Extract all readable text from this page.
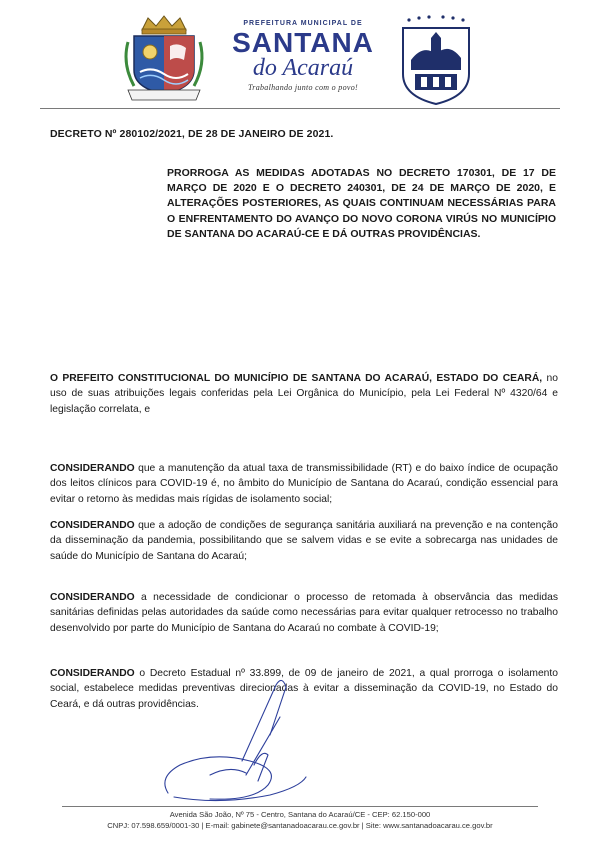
PREFEITURA MUNICIPAL DE
SANTANA
do Acaraú
Trabalhando junto com o povo!
DECRETO Nº 280102/2021, DE 28 DE JANEIRO DE 2021.
PRORROGA AS MEDIDAS ADOTADAS NO DECRETO 170301, DE 17 DE MARÇO DE 2020 E O DECRETO 240301, DE 24 DE MARÇO DE 2020, E ALTERAÇÕES POSTERIORES, AS QUAIS CONTINUAM NECESSÁRIAS PARA O ENFRENTAMENTO DO AVANÇO DO NOVO CORONA VIRÚS NO MUNICÍPIO DE SANTANA DO ACARAÚ-CE E DÁ OUTRAS PROVIDÊNCIAS.
O PREFEITO CONSTITUCIONAL DO MUNICÍPIO DE SANTANA DO ACARAÚ, ESTADO DO CEARÁ, no uso de suas atribuições legais conferidas pela Lei Orgânica do Município, pela Lei Federal Nº 4320/64 e legislação correlata, e
CONSIDERANDO que a manutenção da atual taxa de transmissibilidade (RT) e do baixo índice de ocupação dos leitos clínicos para COVID-19 é, no âmbito do Município de Santana do Acaraú, condição essencial para evitar o retorno às medidas mais rígidas de isolamento social;
CONSIDERANDO que a adoção de condições de segurança sanitária auxiliará na prevenção e na contenção da disseminação da pandemia, possibilitando que se salvem vidas e se evite a sobrecarga nas unidades de saúde do Município de Santana do Acaraú;
CONSIDERANDO a necessidade de condicionar o processo de retomada à observância das medidas sanitárias definidas pelas autoridades da saúde como necessárias para evitar qualquer retrocesso no trabalho desenvolvido por parte do Município de Santana do Acaraú no combate à COVID-19;
CONSIDERANDO o Decreto Estadual nº 33.899, de 09 de janeiro de 2021, a qual prorroga o isolamento social, estabelece medidas preventivas direcionadas à evitar a disseminação da COVID-19, no Estado do Ceará, e dá outras providências.
Avenida São João, Nº 75 - Centro, Santana do Acaraú/CE - CEP: 62.150-000
CNPJ: 07.598.659/0001-30 | E-mail: gabinete@santanadoacarau.ce.gov.br | Site: www.santanadoacarau.ce.gov.br
